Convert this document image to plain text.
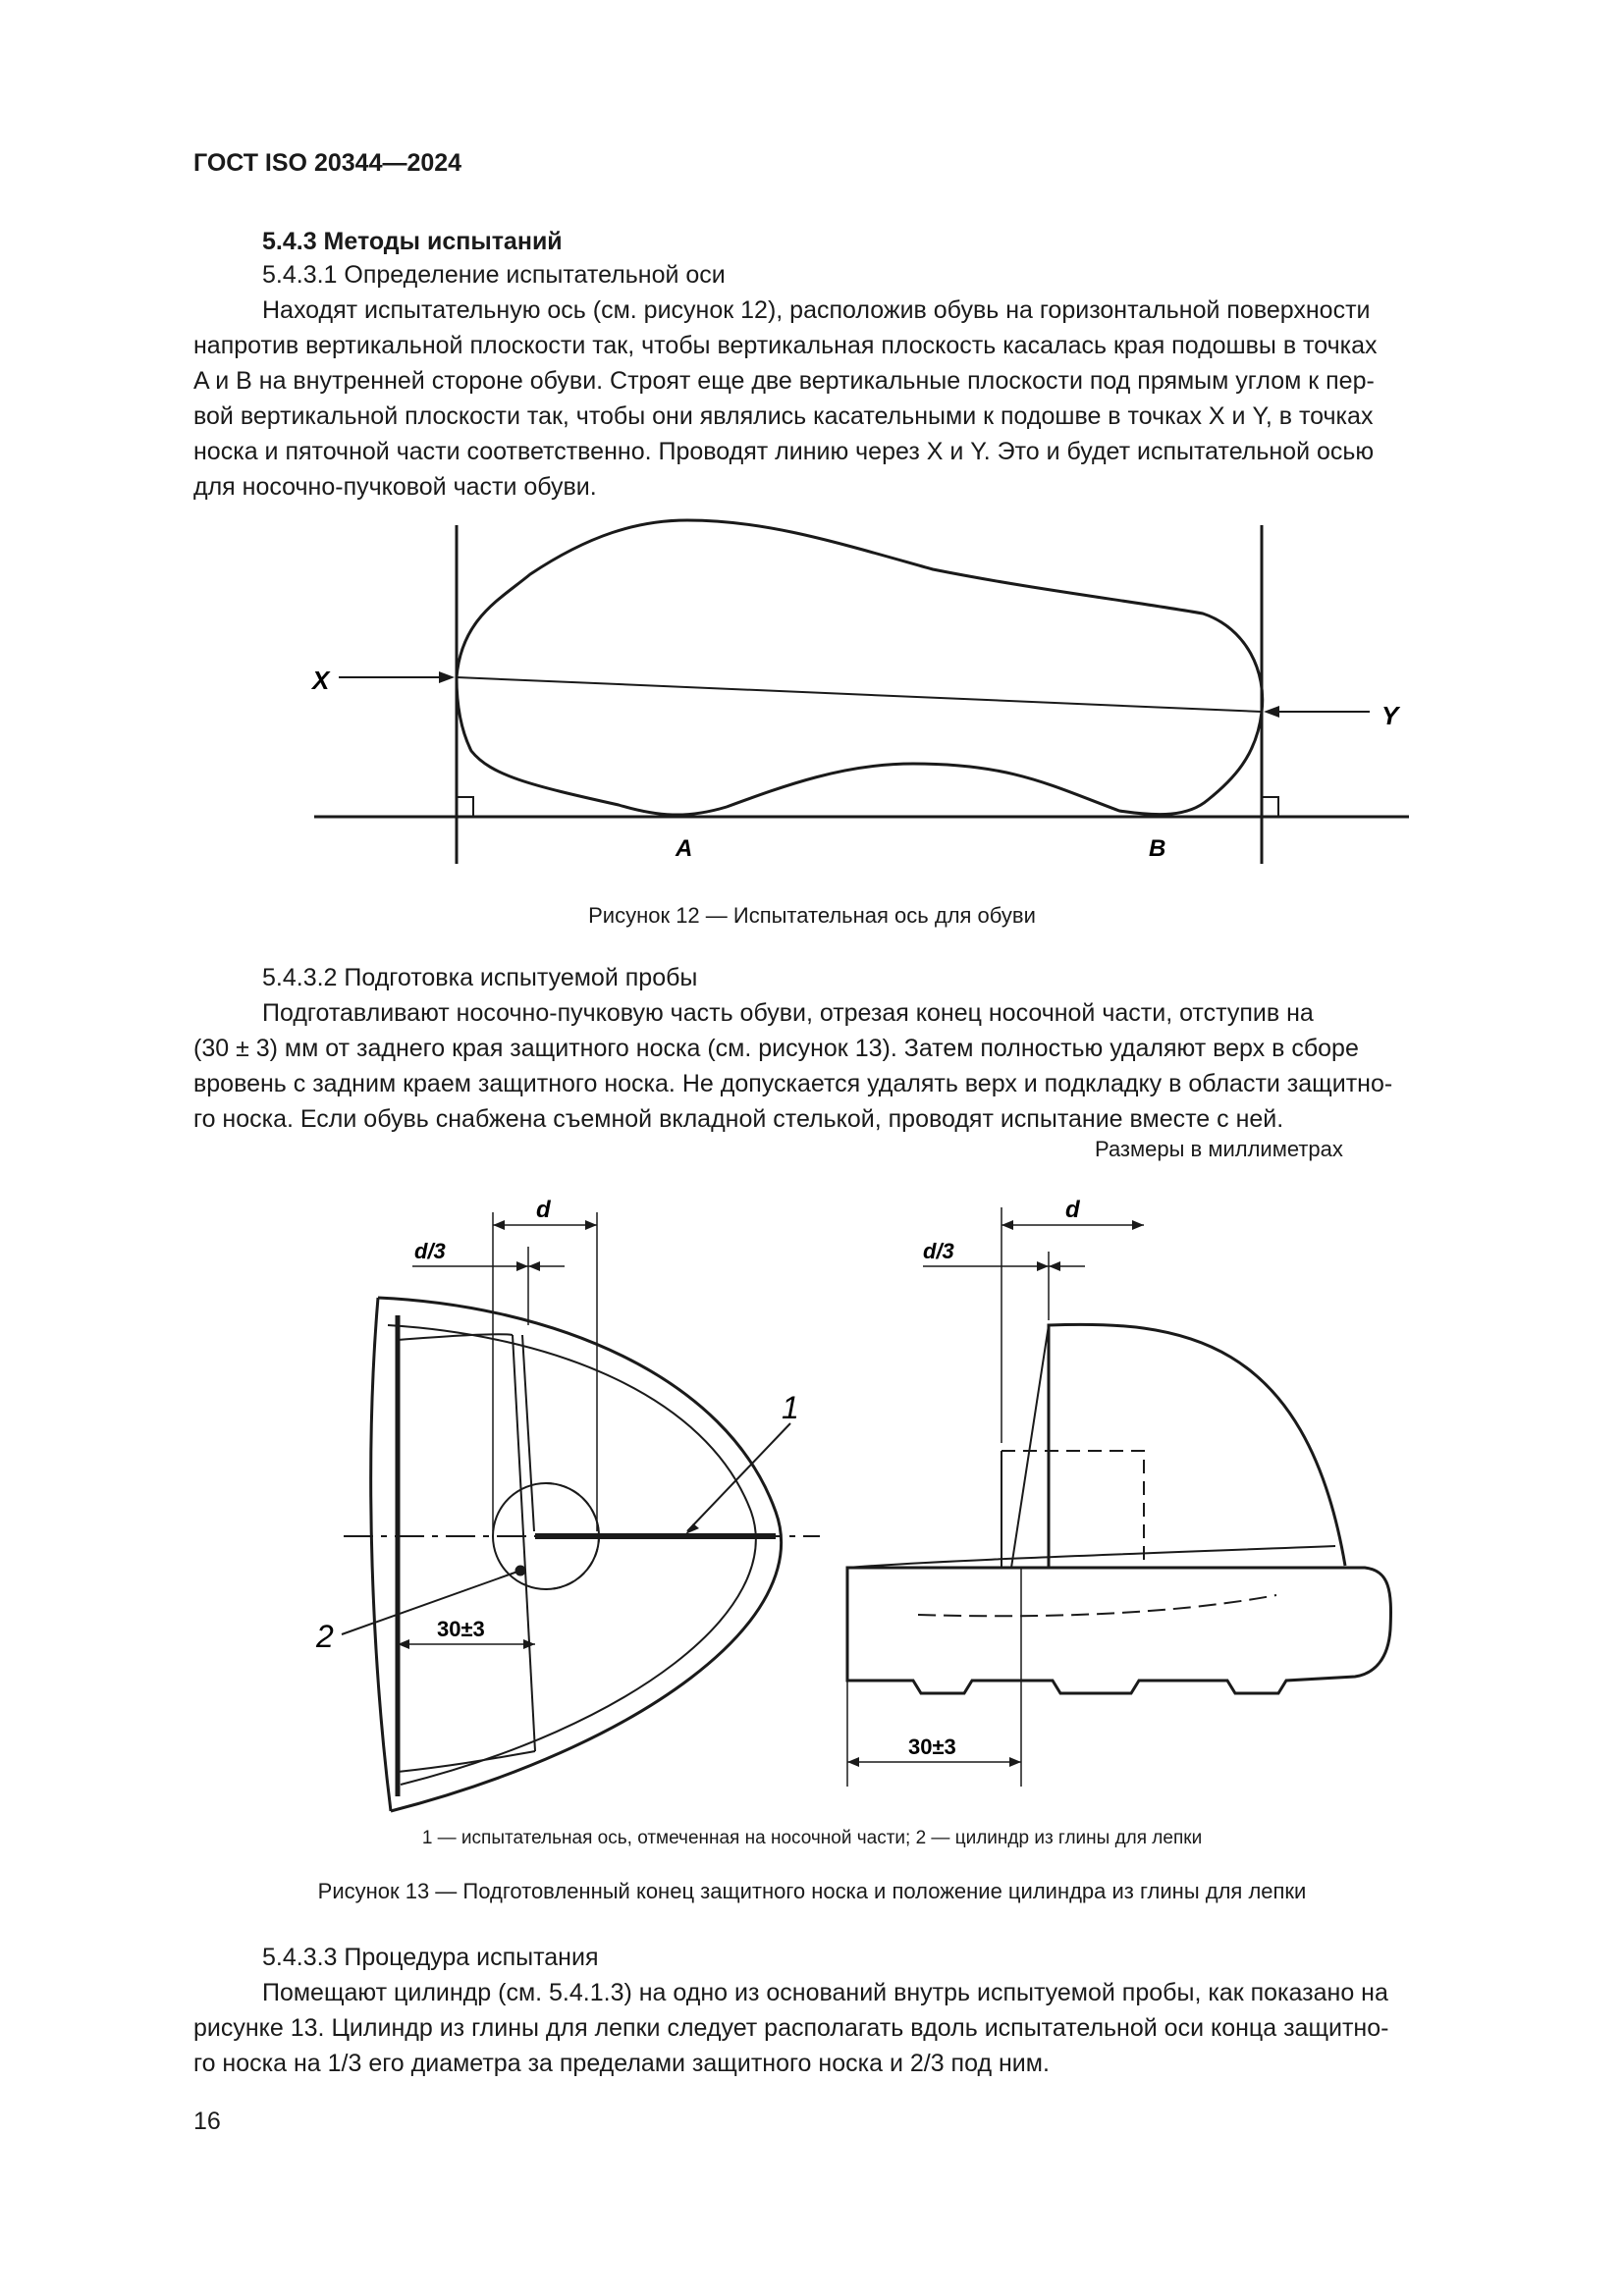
ГОСТ ISO 20344—2024
5.4.3 Методы испытаний
5.4.3.1 Определение испытательной оси
Находят испытательную ось (см. рисунок 12), расположив обувь на горизонтальной поверхности
напротив вертикальной плоскости так, чтобы вертикальная плоскость касалась края подошвы в точках
A и B на внутренней стороне обуви. Строят еще две вертикальные плоскости под прямым углом к пер-
вой вертикальной плоскости так, чтобы они являлись касательными к подошве в точках X и Y, в точках
носка и пяточной части соответственно. Проводят линию через X и Y. Это и будет испытательной осью
для носочно-пучковой части обуви.
X
Y
A	B
Рисунок 12 — Испытательная ось для обуви
5.4.3.2 Подготовка испытуемой пробы
Подготавливают носочно-пучковую часть обуви, отрезая конец носочной части, отступив на
(30 ± 3) мм от заднего края защитного носка (см. рисунок 13). Затем полностью удаляют верх в сборе
вровень с задним краем защитного носка. Не допускается удалять верх и подкладку в области защитно-
го носка. Если обувь снабжена съемной вкладной стелькой, проводят испытание вместе с ней.
Размеры в миллиметрах
d
d/3
30±3
1
2
d
d/3
30±3
1 — испытательная ось, отмеченная на носочной части; 2 — цилиндр из глины для лепки
Рисунок 13 — Подготовленный конец защитного носка и положение цилиндра из глины для лепки
5.4.3.3 Процедура испытания
Помещают цилиндр (см. 5.4.1.3) на одно из оснований внутрь испытуемой пробы, как показано на
рисунке 13. Цилиндр из глины для лепки следует располагать вдоль испытательной оси конца защитно-
го носка на 1/3 его диаметра за пределами защитного носка и 2/3 под ним.
16
